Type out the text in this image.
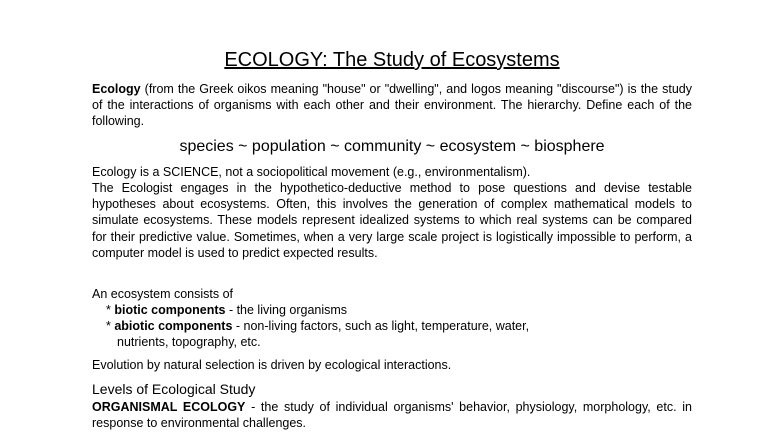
ECOLOGY: The Study of Ecosystems
Ecology (from the Greek oikos meaning "house" or "dwelling", and logos meaning "discourse") is the study of the interactions of organisms with each other and their environment. The hierarchy. Define each of the following.
species ~ population ~ community ~ ecosystem ~ biosphere
Ecology is a SCIENCE, not a sociopolitical movement (e.g., environmentalism).
The Ecologist engages in the hypothetico-deductive method to pose questions and devise testable hypotheses about ecosystems. Often, this involves the generation of complex mathematical models to simulate ecosystems. These models represent idealized systems to which real systems can be compared for their predictive value. Sometimes, when a very large scale project is logistically impossible to perform, a computer model is used to predict expected results.
An ecosystem consists of
* biotic components - the living organisms
* abiotic components - non-living factors, such as light, temperature, water,
nutrients, topography, etc.
Evolution by natural selection is driven by ecological interactions.
Levels of Ecological Study
ORGANISMAL ECOLOGY - the study of individual organisms' behavior, physiology, morphology, etc. in response to environmental challenges.
